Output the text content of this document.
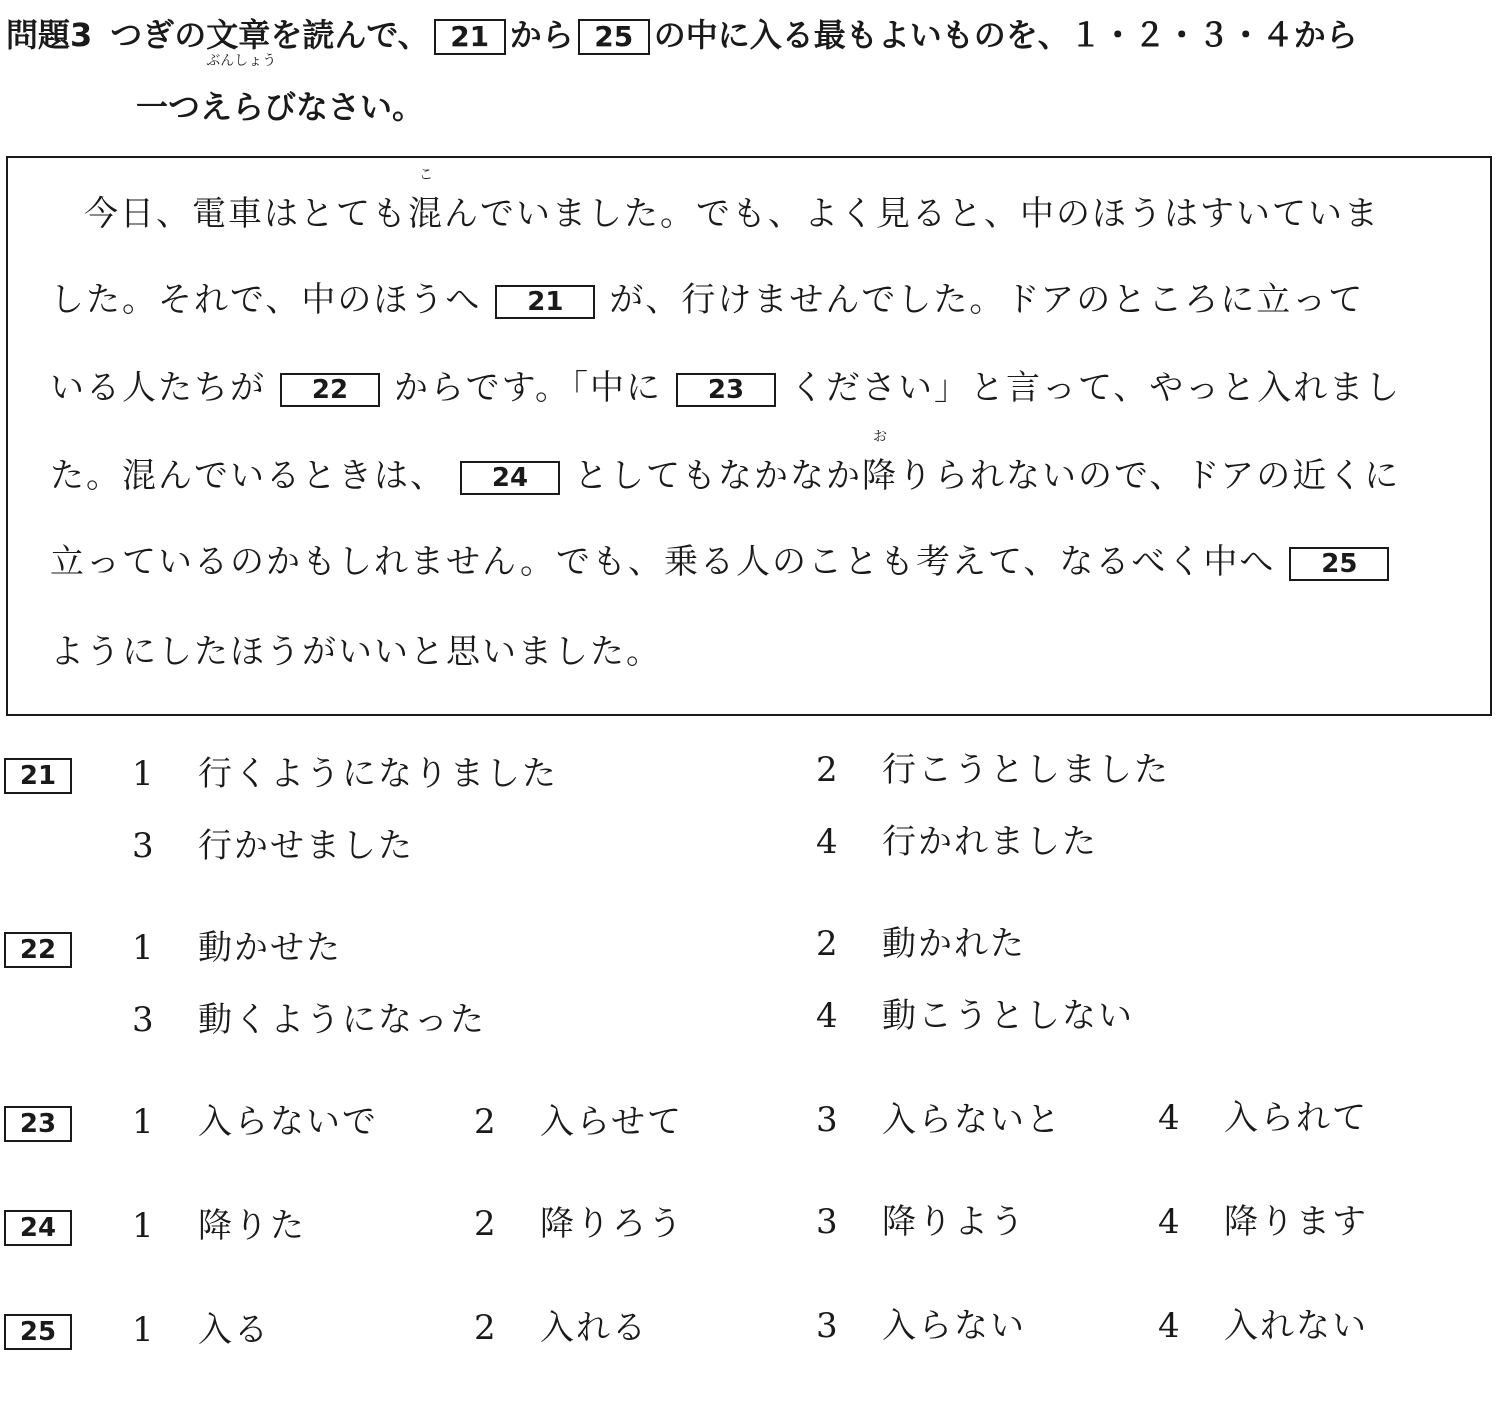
問題3 つぎの文章
ぶんしょう
を読んで、 21 から 25 の中に入る最もよいものを、１・２・３・４から
一つえらびなさい。
今日、電車はとても
こ
混んでいました。でも、よく見ると、中のほうはすいていま
した。それで、中のほうへ 21 が、行けませんでした。ドアのところに立って
いる人たちが 22 からです。「中に 23 ください」と言って、やっと入れまし
た。混んでいるときは、 24 としてもなかなか
お
降りられないので、ドアの近くに
立っているのかもしれません。でも、乗る人のことも考えて、なるべく中へ 25
ようにしたほうがいいと思いました。
21	1 行くようになりました	2 行こうとしました
3 行かせました	4 行かれました
22	1 動かせた	2 動かれた
3 動くようになった	4 動こうとしない
23	1 入らないで	2 入らせて	3 入らないと	4 入られて
24	1 降りた	2 降りろう	3 降りよう	4 降ります
25	1 入る	2 入れる	3 入らない	4 入れない
